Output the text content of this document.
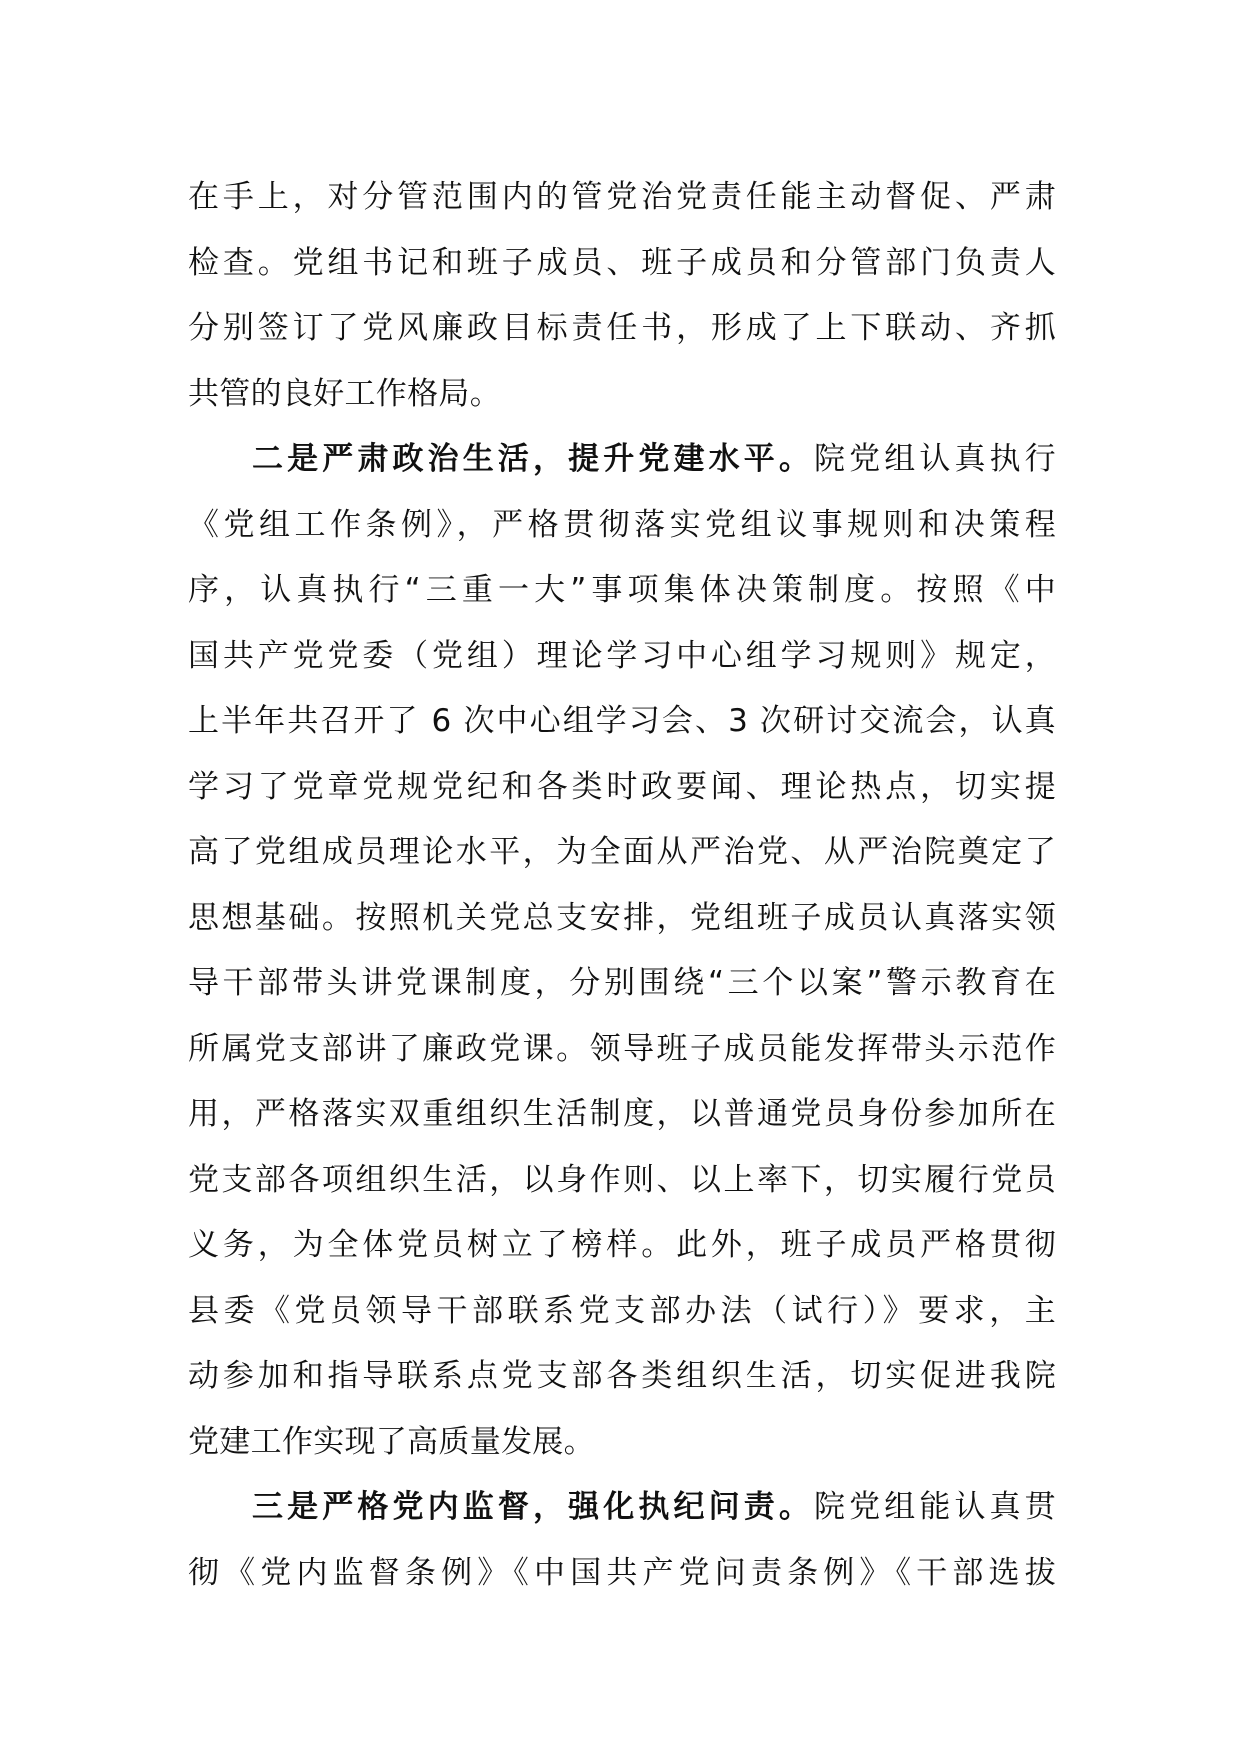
在手上，对分管范围内的管党治党责任能主动督促、严肃
检查。党组书记和班子成员、班子成员和分管部门负责人
分别签订了党风廉政目标责任书，形成了上下联动、齐抓
共管的良好工作格局。
二是严肃政治生活，提升党建水平。院党组认真执行
《党组工作条例》，严格贯彻落实党组议事规则和决策程
序，认真执行“三重一大”事项集体决策制度。按照《中
国共产党党委（党组）理论学习中心组学习规则》规定，
上半年共召开了 6 次中心组学习会、3 次研讨交流会，认真
学习了党章党规党纪和各类时政要闻、理论热点，切实提
高了党组成员理论水平，为全面从严治党、从严治院奠定了
思想基础。按照机关党总支安排，党组班子成员认真落实领
导干部带头讲党课制度，分别围绕“三个以案”警示教育在
所属党支部讲了廉政党课。领导班子成员能发挥带头示范作
用，严格落实双重组织生活制度，以普通党员身份参加所在
党支部各项组织生活，以身作则、以上率下，切实履行党员
义务，为全体党员树立了榜样。此外，班子成员严格贯彻
县委《党员领导干部联系党支部办法（试行）》要求，主
动参加和指导联系点党支部各类组织生活，切实促进我院
党建工作实现了高质量发展。
三是严格党内监督，强化执纪问责。院党组能认真贯
彻《党内监督条例》《中国共产党问责条例》《干部选拔
